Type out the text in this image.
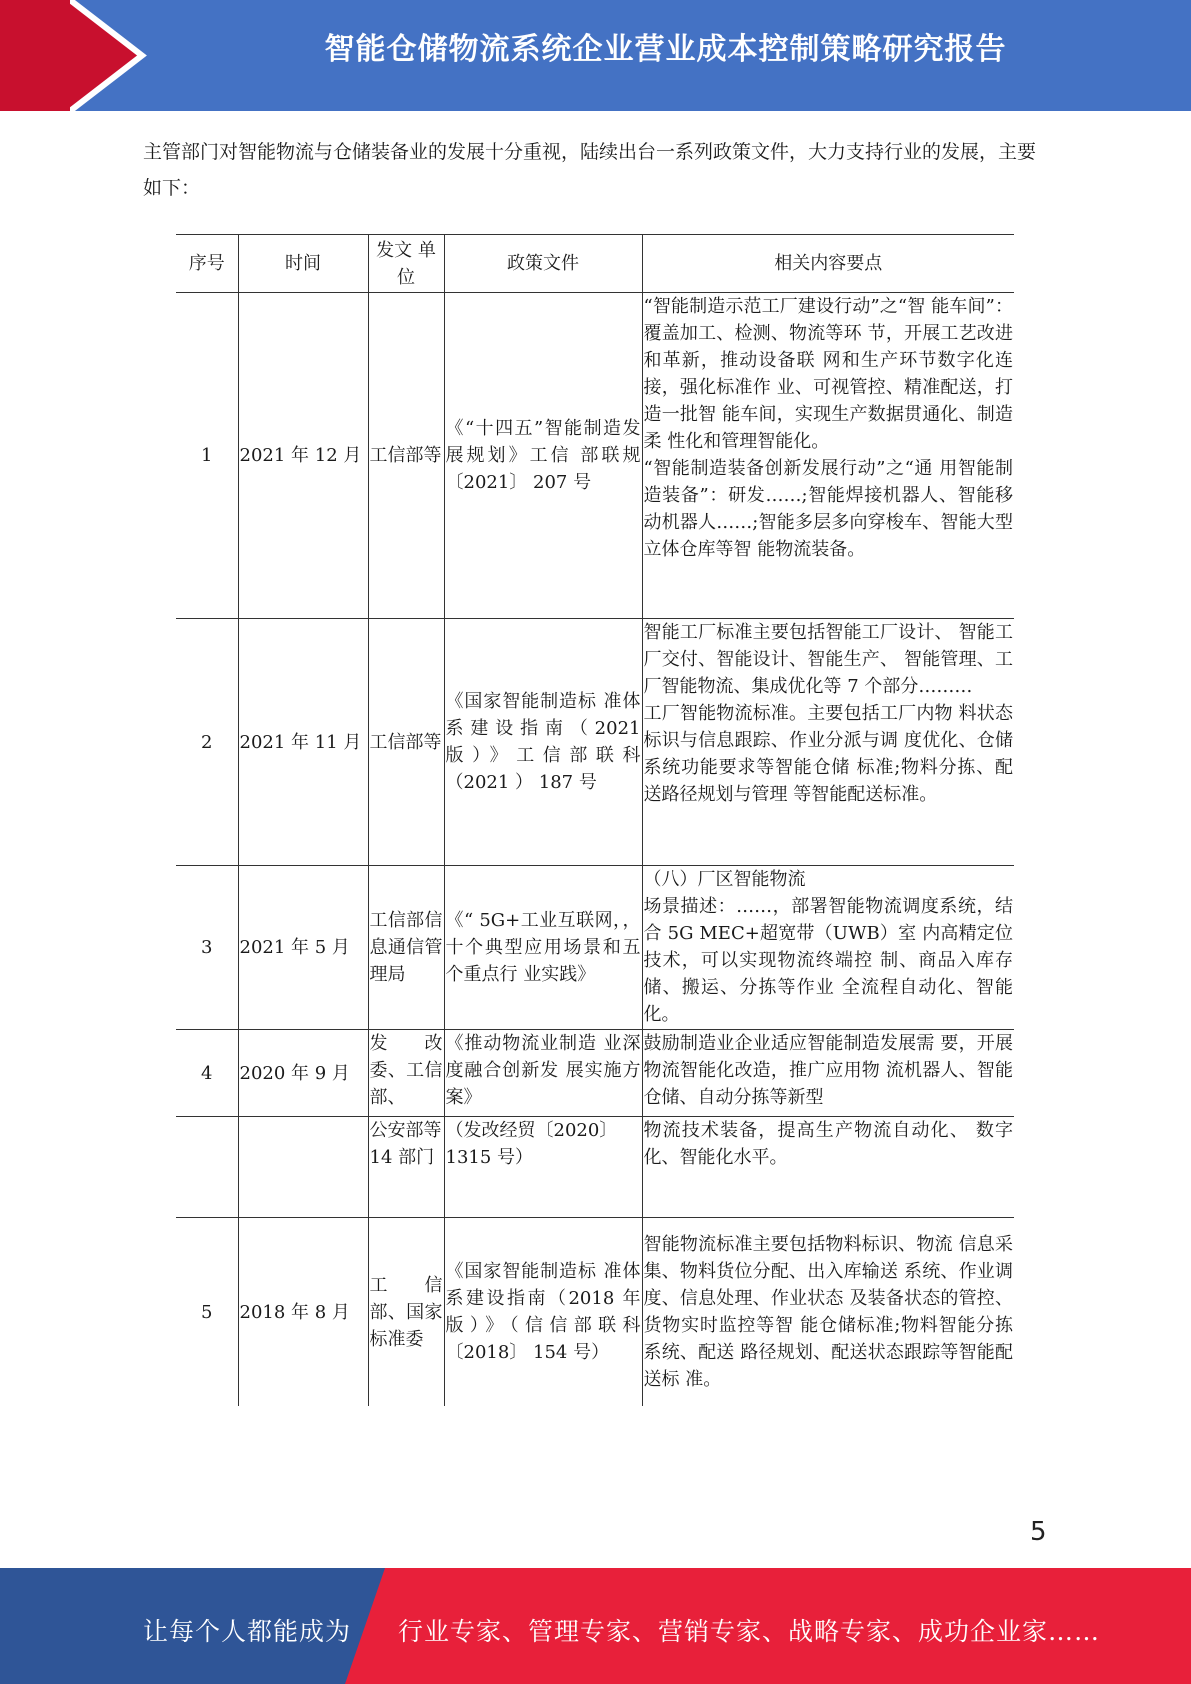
智能仓储物流系统企业营业成本控制策略研究报告
主管部门对智能物流与仓储装备业的发展十分重视，陆续出台一系列政策文件，大力支持行业的发展，主要如下：
序号	时间	发文 单位	政策文件	相关内容要点
1	2021 年 12 月	工信部等	《“十四五”智能制造发展规划》工信 部联规〔2021〕 207 号	“智能制造示范工厂建设行动”之“智 能车间”：覆盖加工、检测、物流等环 节，开展工艺改进和革新，推动设备联 网和生产环节数字化连接，强化标准作 业、可视管控、精准配送，打造一批智 能车间，实现生产数据贯通化、制造柔 性化和管理智能化。
“智能制造装备创新发展行动”之“通 用智能制造装备”：研发……;智能焊接机器人、智能移动机器人……;智能多层多向穿梭车、智能大型立体仓库等智 能物流装备。

2	2021 年 11 月	工信部等	《国家智能制造标 准体系建设指南（2021 版）》工信部联科（2021 ） 187 号	智能工厂标准主要包括智能工厂设计、 智能工厂交付、智能设计、智能生产、 智能管理、工厂智能物流、集成优化等 7 个部分………
工厂智能物流标准。主要包括工厂内物 料状态标识与信息跟踪、作业分派与调 度优化、仓储系统功能要求等智能仓储 标准;物料分拣、配送路径规划与管理 等智能配送标准。

3	2021 年 5 月	工信部信息通信管理局	《“ 5G+工业互联网，，十个典型应用场景和五个重点行 业实践》	（八）厂区智能物流
场景描述：……，部署智能物流调度系统，结合 5G MEC+超宽带（UWB）室 内高精定位技术，可以实现物流终端控 制、商品入库存储、搬运、分拣等作业 全流程自动化、智能化。

4	2020 年 9 月	发 改 委、工信部、	《推动物流业制造 业深度融合创新发 展实施方案》	鼓励制造业企业适应智能制造发展需 要，开展物流智能化改造，推广应用物 流机器人、智能仓储、自动分拣等新型
		公安部等 14 部门	（发改经贸〔2020〕 1315 号）	物流技术装备，提高生产物流自动化、 数字化、智能化水平。
5	2018 年 8 月	工 信 部、国家标准委	《国家智能制造标 准体系建设指南（2018 年版）》（信信部联科〔2018〕 154 号）	智能物流标准主要包括物料标识、物流 信息采集、物料货位分配、出入库输送 系统、作业调度、信息处理、作业状态 及装备状态的管控、货物实时监控等智 能仓储标准;物料智能分拣系统、配送 路径规划、配送状态跟踪等智能配送标 准。
5
让每个人都能成为 行业专家、管理专家、营销专家、战略专家、成功企业家……
